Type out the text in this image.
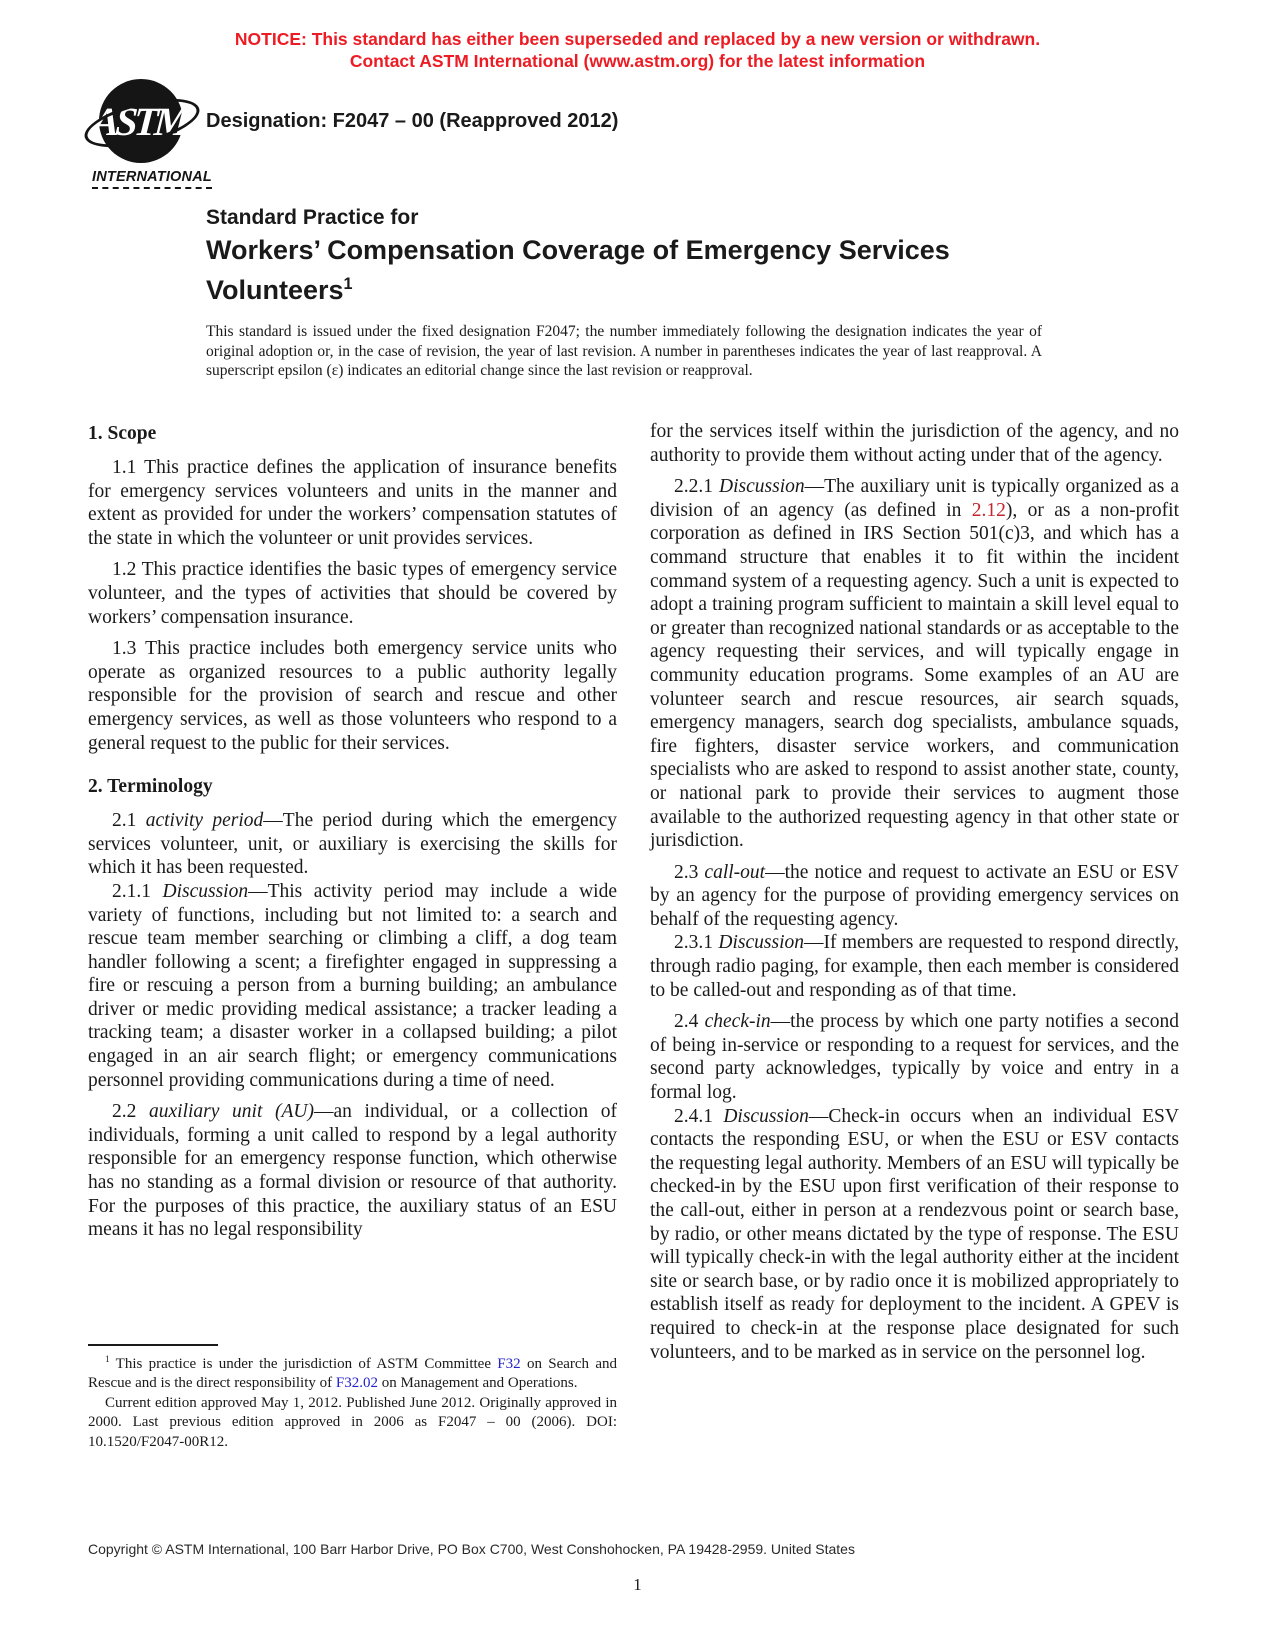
NOTICE: This standard has either been superseded and replaced by a new version or withdrawn.
Contact ASTM International (www.astm.org) for the latest information
ASTM
INTERNATIONAL
Designation: F2047 – 00 (Reapproved 2012)
Standard Practice for
Workers’ Compensation Coverage of Emergency Services
Volunteers$^1$
This standard is issued under the fixed designation F2047; the number immediately following the designation indicates the year of original adoption or, in the case of revision, the year of last revision. A number in parentheses indicates the year of last reapproval. A superscript epsilon (ε) indicates an editorial change since the last revision or reapproval.

1. Scope

1.1 This practice defines the application of insurance benefits for emergency services volunteers and units in the manner and extent as provided for under the workers’ compensation statutes of the state in which the volunteer or unit provides services.

1.2 This practice identifies the basic types of emergency service volunteer, and the types of activities that should be covered by workers’ compensation insurance.

1.3 This practice includes both emergency service units who operate as organized resources to a public authority legally responsible for the provision of search and rescue and other emergency services, as well as those volunteers who respond to a general request to the public for their services.

2. Terminology

2.1 activity period—The period during which the emergency services volunteer, unit, or auxiliary is exercising the skills for which it has been requested.

2.1.1 Discussion—This activity period may include a wide variety of functions, including but not limited to: a search and rescue team member searching or climbing a cliff, a dog team handler following a scent; a firefighter engaged in suppressing a fire or rescuing a person from a burning building; an ambulance driver or medic providing medical assistance; a tracker leading a tracking team; a disaster worker in a collapsed building; a pilot engaged in an air search flight; or emergency communications personnel providing communications during a time of need.

2.2 auxiliary unit (AU)—an individual, or a collection of individuals, forming a unit called to respond by a legal authority responsible for an emergency response function, which otherwise has no standing as a formal division or resource of that authority. For the purposes of this practice, the auxiliary status of an ESU means it has no legal responsibility

$^1$ This practice is under the jurisdiction of ASTM Committee F32 on Search and Rescue and is the direct responsibility of F32.02 on Management and Operations.

Current edition approved May 1, 2012. Published June 2012. Originally approved in 2000. Last previous edition approved in 2006 as F2047 – 00 (2006). DOI: 10.1520/F2047-00R12.

for the services itself within the jurisdiction of the agency, and no authority to provide them without acting under that of the agency.

2.2.1 Discussion—The auxiliary unit is typically organized as a division of an agency (as defined in 2.12), or as a non-profit corporation as defined in IRS Section 501(c)3, and which has a command structure that enables it to fit within the incident command system of a requesting agency. Such a unit is expected to adopt a training program sufficient to maintain a skill level equal to or greater than recognized national standards or as acceptable to the agency requesting their services, and will typically engage in community education programs. Some examples of an AU are volunteer search and rescue resources, air search squads, emergency managers, search dog specialists, ambulance squads, fire fighters, disaster service workers, and communication specialists who are asked to respond to assist another state, county, or national park to provide their services to augment those available to the authorized requesting agency in that other state or jurisdiction.

2.3 call-out—the notice and request to activate an ESU or ESV by an agency for the purpose of providing emergency services on behalf of the requesting agency.

2.3.1 Discussion—If members are requested to respond directly, through radio paging, for example, then each member is considered to be called-out and responding as of that time.

2.4 check-in—the process by which one party notifies a second of being in-service or responding to a request for services, and the second party acknowledges, typically by voice and entry in a formal log.

2.4.1 Discussion—Check-in occurs when an individual ESV contacts the responding ESU, or when the ESU or ESV contacts the requesting legal authority. Members of an ESU will typically be checked-in by the ESU upon first verification of their response to the call-out, either in person at a rendezvous point or search base, by radio, or other means dictated by the type of response. The ESU will typically check-in with the legal authority either at the incident site or search base, or by radio once it is mobilized appropriately to establish itself as ready for deployment to the incident. A GPEV is required to check-in at the response place designated for such volunteers, and to be marked as in service on the personnel log.

Copyright © ASTM International, 100 Barr Harbor Drive, PO Box C700, West Conshohocken, PA 19428-2959. United States
1
